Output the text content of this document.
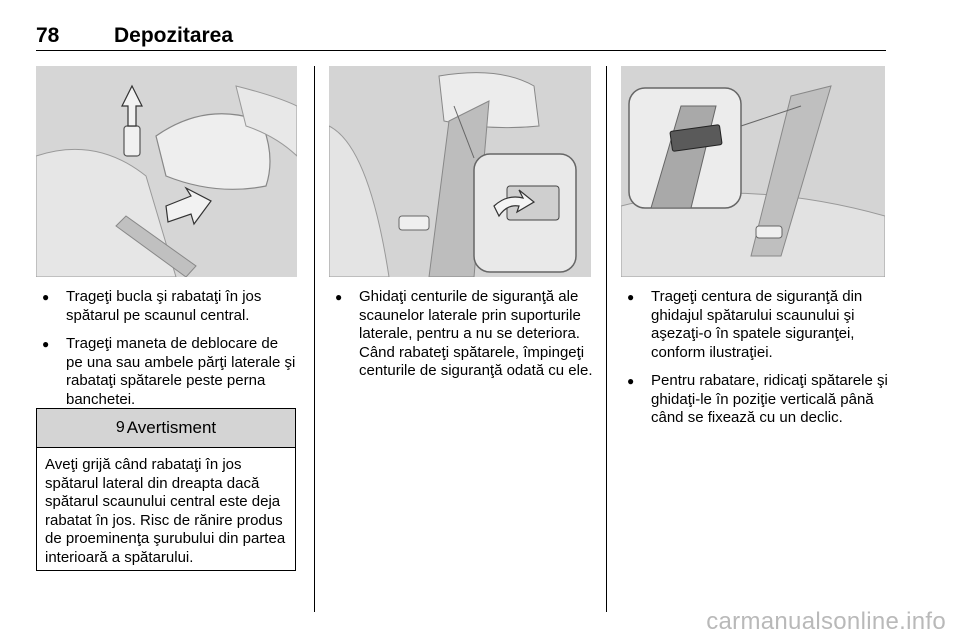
78	Depozitarea
● Trageţi bucla şi rabataţi în jos spătarul pe scaunul central.
● Trageţi maneta de deblocare de pe una sau ambele părţi laterale şi rabataţi spătarele peste perna banchetei.
9 Avertisment
Aveţi grijă când rabataţi în jos spătarul lateral din dreapta dacă spătarul scaunului central este deja rabatat în jos. Risc de rănire produs de proeminenţa şurubului din partea interioară a spătarului.
● Ghidaţi centurile de siguranţă ale scaunelor laterale prin suporturile laterale, pentru a nu se deteriora. Când rabateţi spătarele, împingeţi centurile de siguranţă odată cu ele.
● Trageţi centura de siguranţă din ghidajul spătarului scaunului şi aşezaţi-o în spatele siguranţei, conform ilustraţiei.
● Pentru rabatare, ridicaţi spătarele şi ghidaţi-le în poziţie verticală până când se fixează cu un declic.
carmanualsonline.info
